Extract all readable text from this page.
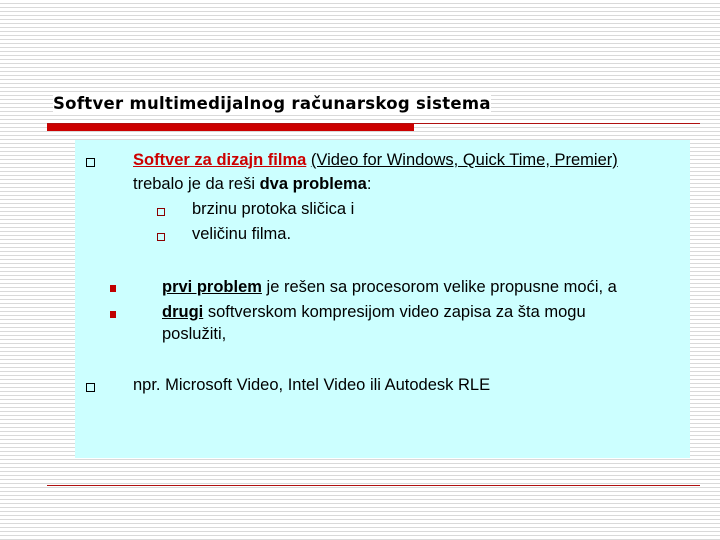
Softver multimedijalnog računarskog sistema
Softver za dizajn filma (Video for Windows, Quick Time, Premier)
trebalo je da reši dva problema:
brzinu protoka sličica i
veličinu filma.
prvi problem je rešen sa procesorom velike propusne moći, a
drugi softverskom kompresijom video zapisa za šta mogu
poslužiti,
npr. Microsoft Video, Intel Video ili Autodesk RLE
